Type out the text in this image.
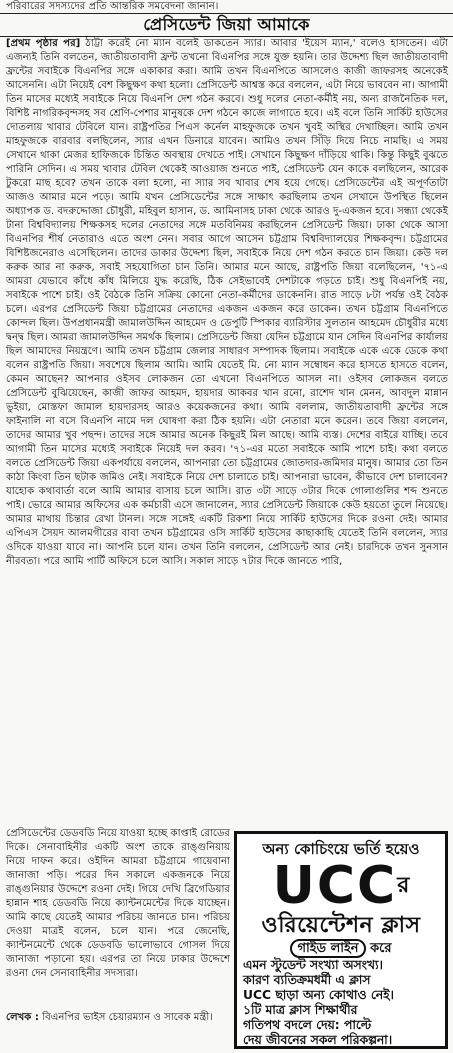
পরিবারের সদস্যদের প্রতি আন্তরিক সমবেদনা জানান।
প্রেসিডেন্ট জিয়া আমাকে

[প্রথম পৃষ্ঠার পর] ঠাট্টা করেই নো ম্যান বলেই ডাকতেন স্যার। আবার 'ইয়েস ম্যান,' বলেও হাসতেন। এটা এজন্যই তিনি বলতেন, জাতীয়তাবাদী ফ্রন্ট তখনো বিএনপির সঙ্গে যুক্ত হয়নি। তার উদ্দেশ্য ছিল জাতীয়তাবাদী ফ্রন্টের সবাইকে বিএনপির সঙ্গে একাকার করা। আমি তখন বিএনপিতে আসলেও কাজী জাফরসহ অনেকেই আসেননি। এটা নিয়েই বেশ কিছুক্ষণ কথা হলো। প্রেসিডেন্ট আশ্বস্ত করে বললেন, এটা নিয়ে ভাববেন না। আগামী তিন মাসের মধ্যেই সবাইকে নিয়ে বিএনপি দেশ গঠন করবে। শুধু দলের নেতা-কর্মীই নয়, অন্য রাজনৈতিক দল, বিশিষ্ট নাগরিকবৃন্দসহ সব শ্রেণি-পেশার মানুষকে দেশ গঠনে কাজে লাগাতে হবে। এই বলে তিনি সার্কিট হাউসের দোতলায় খাবার টেবিলে যান। রাষ্ট্রপতির পিএস কর্নেল মাহফুজকে তখন খুবই অস্থির দেখাচ্ছিল। আমি তখন মাহফুজকে বারবার বলছিলেন, স্যার এখন ডিনারে যাবেন। আমিও তখন সিঁড়ি দিয়ে নিচে নামছি। এ সময় সেখানে থাকা মেজর হাফিজকে চিন্তিত অবস্থায় দেখতে পাই। সেখানে কিছুক্ষণ দাঁড়িয়ে থাকি। কিন্তু কিছুই বুঝতে পারিনি সেদিন। এ সময় খাবার টেবিল থেকেই আওয়াজ শুনতে পাই, প্রেসিডেন্ট যেন কাকে বলছিলেন, আরেক টুকরো মাছ হবে? তখন তাকে বলা হলো, না স্যার সব খাবার শেষ হয়ে গেছে। প্রেসিডেন্টের এই অপূর্ণতাটা আজও আমার মনে পড়ে। আমি যখন প্রেসিডেন্টের সঙ্গে সাক্ষাৎ করছিলাম তখন সেখানে উপস্থিত ছিলেন অধ্যাপক ড. বদরুদ্দোজা চৌধুরী, মহিবুল হাসান, ড. আমিনাসহ ঢাকা থেকে আরও দু-একজন হবে। সন্ধ্যা থেকেই টানা বিশ্ববিদ্যালয় শিক্ষকসহ দলের নেতাদের সঙ্গে মতবিনিময় করছিলেন প্রেসিডেন্ট জিয়া। ঢাকা থেকে আসা বিএনপির শীর্ষ নেতারাও এতে অংশ নেন। সবার আগে আসেন চট্টগ্রাম বিশ্ববিদ্যালয়ের শিক্ষকবৃন্দ। চট্টগ্রামের বিশিষ্টজনেরাও এসেছিলেন। তাদের ডাকার উদ্দেশ্য ছিল, সবাইকে নিয়ে দেশ গঠন করতে চান জিয়া। কেউ দল করুক আর না করুক, সবাই সহযোগিতা চান তিনি। আমার মনে আছে, রাষ্ট্রপতি জিয়া বলেছিলেন, '৭১-এ আমরা যেভাবে কাঁধে কাঁধ মিলিয়ে যুদ্ধ করেছি, ঠিক সেইভাবেই দেশটাকে গড়তে চাই। শুধু বিএনপিই নয়, সবাইকে পাশে চাই। ওই বৈঠকে তিনি সক্রিয় কোনো নেতা-কর্মীদের ডাকেননি। রাত সাড়ে ৮টা পর্যন্ত ওই বৈঠক চলে। এরপর প্রেসিডেন্ট জিয়া চট্টগ্রামের নেতাদের একজন একজন করে ডাকেন। তখন চট্টগ্রাম বিএনপিতে কোন্দল ছিল। উপপ্রধানমন্ত্রী জামালউদ্দিন আহমেদ ও ডেপুটি স্পিকার ব্যারিস্টার সুলতান আহমেদ চৌধুরীর মধ্যে দ্বন্দ্ব ছিল। আমরা জামালউদ্দিন সমর্থক ছিলাম। প্রেসিডেন্ট জিয়া যেদিন চট্টগ্রামে যান সেদিন বিএনপির কার্যালয় ছিল আমাদের নিয়ন্ত্রণে। আমি তখন চট্টগ্রাম জেলার সাধারণ সম্পাদক ছিলাম। সবাইকে একে একে ডেকে কথা বলেন রাষ্ট্রপতি জিয়া। সবশেষে ছিলাম আমি। আমি যেতেই মি. নো ম্যান সম্বোধন করে হাসতে হাসতে বলেন, কেমন আছেন? আপনার ওইসব লোকজন তো এখনো বিএনপিতে আসল না। ওইসব লোকজন বলতে প্রেসিডেন্ট বুঝিয়েছেন, কাজী জাফর আহমদ, হায়দার আকবর খান রনো, রাশেদ খান মেনন, আবদুল মান্নান ভুইয়া, মোস্তফা জামাল হায়দারসহ আরও কয়েকজনের কথা। আমি বললাম, জাতীয়তাবাদী ফ্রন্টের সঙ্গে ফাইনালি না বসে বিএনপি নামে দল ঘোষণা করা ঠিক হয়নি। এটা নেতারা মনে করেন। তবে জিয়া বললেন, তাদের আমার খুব পছন্দ। তাদের সঙ্গে আমার অনেক কিছুরই মিল আছে। আমি ব্যস্ত। দেশের বাইরে যাচ্ছি। তবে আগামী তিন মাসের মধ্যেই সবাইকে নিয়েই দল করব। '৭১-এর মতো সবাইকে আমি পাশে চাই। কথা বলতে বলতে প্রেসিডেন্ট জিয়া একপর্যায়ে বললেন, আপনারা তো চট্টগ্রামের জোতদার-জমিদার মানুষ। আমার তো তিন কাঠা কিংবা তিন ছটাক জমিও নেই। সবাইকে নিয়ে দেশ চালাতে চাই। আপনারা ভাবেন, কীভাবে দেশ চালাবেন? যাহোক কথাবার্তা বলে আমি আমার বাসায় চলে আসি। রাত ৩টা সাড়ে ৩টার দিকে গোলাগুলির শব্দ শুনতে পাই। ভোরে আমার অফিসের এক কর্মচারী এসে জানালেন, স্যার প্রেসিডেন্ট জিয়াকে কেউ হয়তো তুলে নিয়েছে। আমার মাথায় চিন্তার রেখা টানল। সঙ্গে সঙ্গেই একটি রিকশা নিয়ে সার্কিট হাউসের দিকে রওনা দেই। আমার এপিএস সৈয়দ আলমগীরের বাবা তখন চট্টগ্রামের ওসি সার্কিট হাউসের কাছাকাছি যেতেই তিনি বললেন, স্যার ওদিকে যাওয়া যাবে না। আপনি চলে যান। তখন তিনি বললেন, প্রেসিডেন্ট আর নেই। চারদিকে তখন সুনসান নীরবতা। পরে আমি পার্টি অফিসে চলে আসি। সকাল সাড়ে ৭টার দিকে জানতে পারি,

প্রেসিডেন্টের ডেডবডি নিয়ে যাওয়া হচ্ছে কাপ্তাই রোডের দিকে। সেনাবাহিনীর একটি অংশ তাকে রাঙ্গুনিয়ায় নিয়ে দাফন করে। ওইদিন আমরা চট্টগ্রামে গায়েবানা জানাজা পড়ি। পরের দিন সকালে একজনকে নিয়ে রাঙ্গুনিয়ার উদ্দেশে রওনা দেই। গিয়ে দেখি ব্রিগেডিয়ার হান্নান শাহ ডেডবডি নিয়ে ক্যান্টনমেন্টের দিকে যাচ্ছেন। আমি কাছে যেতেই আমার পরিচয় জানতে চান। পরিচয় দেওয়া মাত্রই বলেন, চলে যান। পরে জেনেছি, ক্যান্টনমেন্টে থেকে ডেডবডি ভালোভাবে গোসল দিয়ে জানাজা পড়ানো হয়। এরপর তা নিয়ে ঢাকার উদ্দেশে রওনা দেন সেনাবাহিনীর সদস্যরা।
লেখক : বিএনপির ভাইস চেয়ারম্যান ও সাবেক মন্ত্রী।
অন্য কোচিংয়ে ভর্তি হয়েও
UCCর
ওরিয়েন্টেশন ক্লাস
গাইড লাইন করে
এমন স্টুডেন্ট সংখ্যা অসংখ্য।
কারণ ব্যতিক্রমধর্মী এ ক্লাস
UCC ছাড়া অন্য কোথাও নেই।
১টি মাত্র ক্লাস শিক্ষার্থীর
গতিপথ বদলে দেয়: পাল্টে
দেয় জীবনের সকল পরিকল্পনা।
